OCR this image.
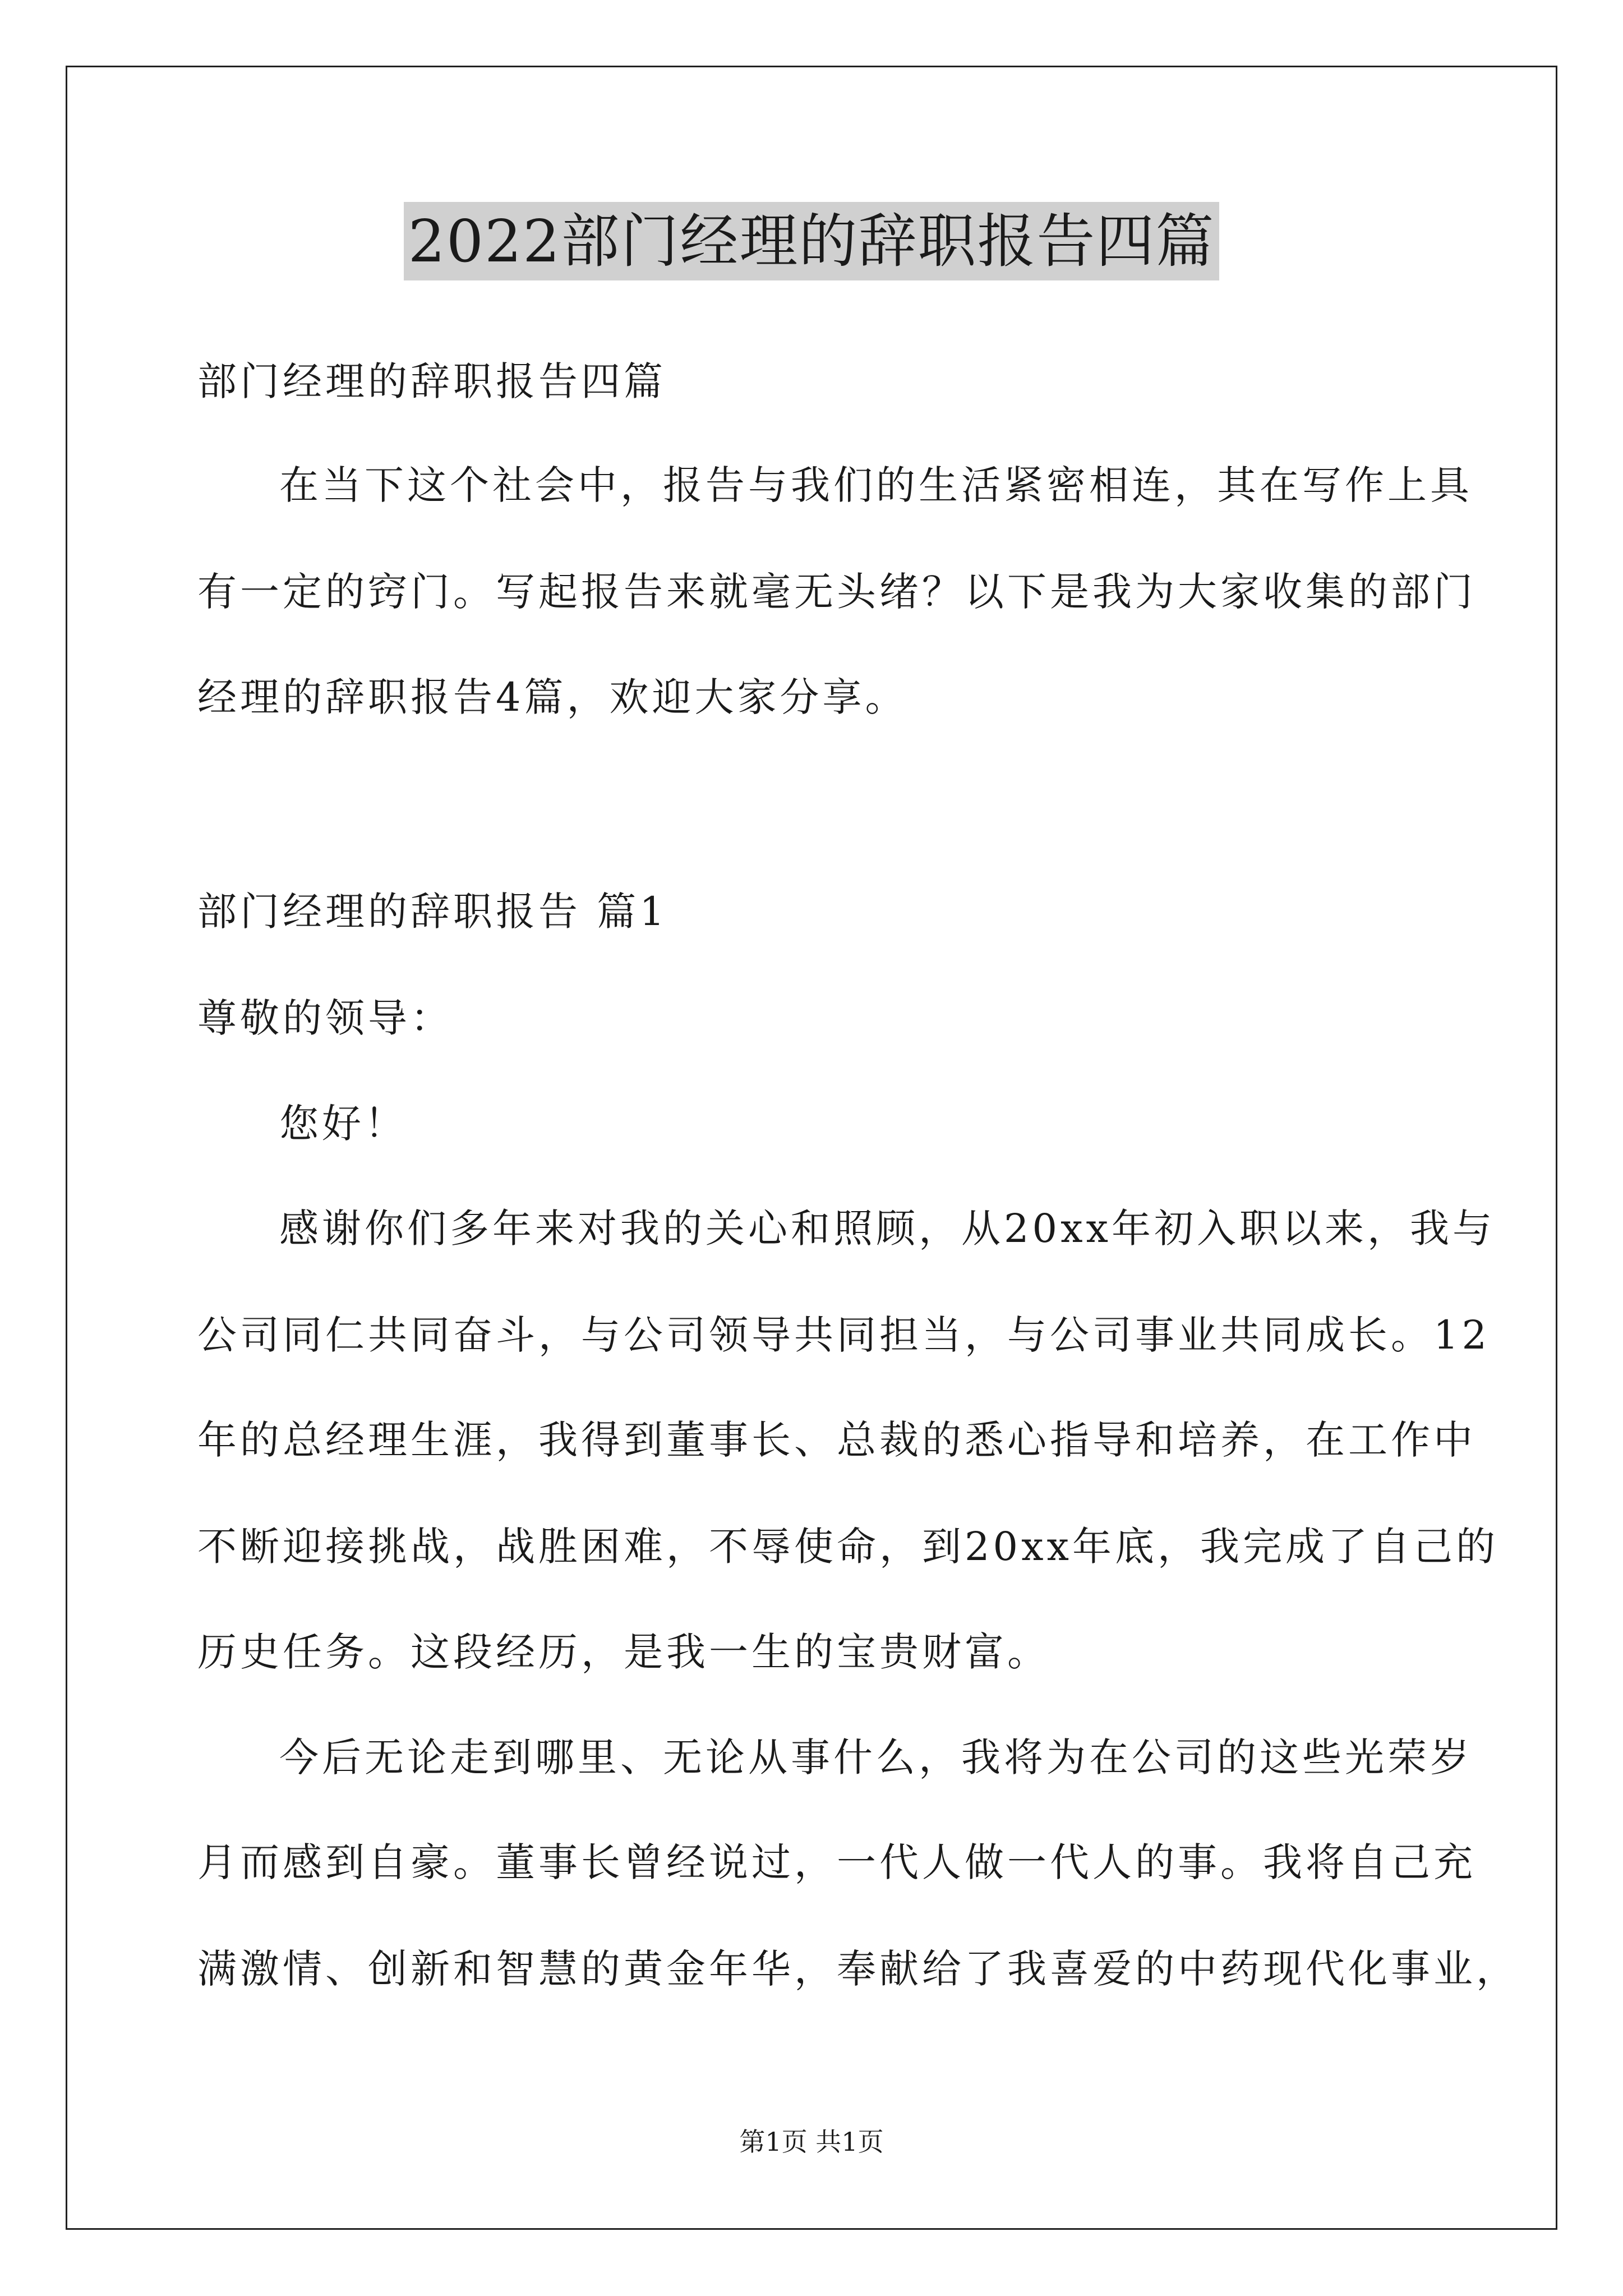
2022部门经理的辞职报告四篇
部门经理的辞职报告四篇
在当下这个社会中，报告与我们的生活紧密相连，其在写作上具
有一定的窍门。写起报告来就毫无头绪？以下是我为大家收集的部门
经理的辞职报告4篇，欢迎大家分享。
部门经理的辞职报告 篇1
尊敬的领导：
您好！
感谢你们多年来对我的关心和照顾，从20xx年初入职以来，我与
公司同仁共同奋斗，与公司领导共同担当，与公司事业共同成长。12
年的总经理生涯，我得到董事长、总裁的悉心指导和培养，在工作中
不断迎接挑战，战胜困难，不辱使命，到20xx年底，我完成了自己的
历史任务。这段经历，是我一生的宝贵财富。
今后无论走到哪里、无论从事什么，我将为在公司的这些光荣岁
月而感到自豪。董事长曾经说过，一代人做一代人的事。我将自己充
满激情、创新和智慧的黄金年华，奉献给了我喜爱的中药现代化事业，
第1页 共1页
